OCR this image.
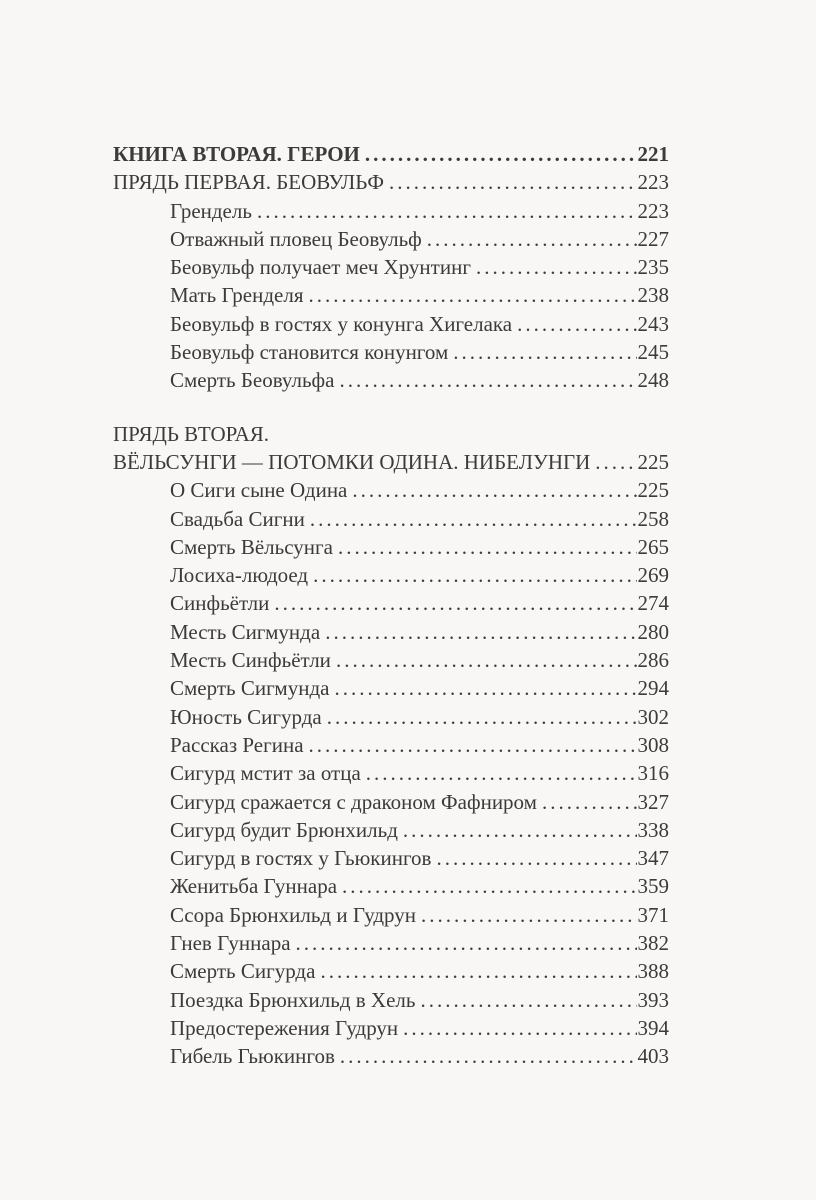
КНИГА ВТОРАЯ. ГЕРОИ .....	221
ПРЯДЬ ПЕРВАЯ. БЕОВУЛЬФ .....	223
Грендель .....	223
Отважный пловец Беовульф .....	227
Беовульф получает меч Хрунтинг .....	235
Мать Гренделя .....	238
Беовульф в гостях у конунга Хигелака .....	243
Беовульф становится конунгом .....	245
Смерть Беовульфа .....	248
ПРЯДЬ ВТОРАЯ.
ВЁЛЬСУНГИ — ПОТОМКИ ОДИНА. НИБЕЛУНГИ ..... 225
О Сиги сыне Одина .....	225
Свадьба Сигни .....	258
Смерть Вёльсунга .....	265
Лосиха-людоед .....	269
Синфьётли .....	274
Месть Сигмунда .....	280
Месть Синфьётли .....	286
Смерть Сигмунда .....	294
Юность Сигурда .....	302
Рассказ Регина .....	308
Сигурд мстит за отца .....	316
Сигурд сражается с драконом Фафниром .....	327
Сигурд будит Брюнхильд .....	338
Сигурд в гостях у Гьюкингов .....	347
Женитьба Гуннара .....	359
Ссора Брюнхильд и Гудрун .....	371
Гнев Гуннара .....	382
Смерть Сигурда .....	388
Поездка Брюнхильд в Хель .....	393
Предостережения Гудрун .....	394
Гибель Гьюкингов .....	403
